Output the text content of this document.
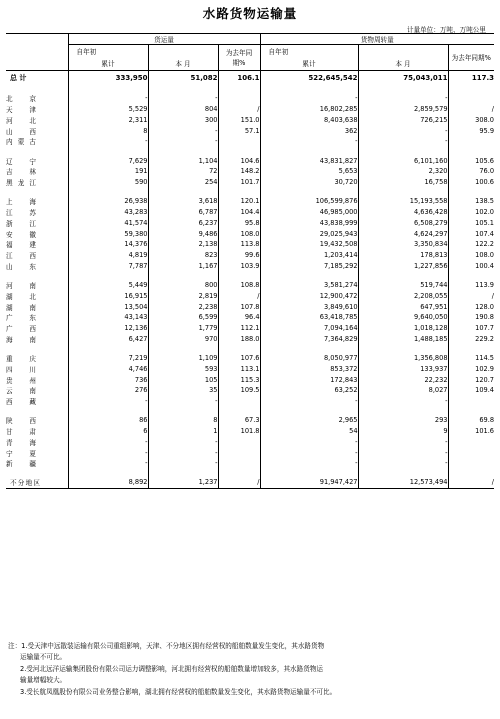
水路货物运输量
计量单位：万吨、万吨公里
	货运量			货物周转量		
	自年初		为去年同期%	自年初		为去年同期%
	累计	本 月		累计	本 月	
总 计	333,950	51,082	106.1	522,645,542	75,043,011	117.3

北京	-	-		-	-	
天津	5,529	804	/	16,802,285	2,859,579	/
河北	2,311	300	151.0	8,403,638	726,215	308.0
山西	8	-	57.1	362	-	95.9
内蒙古	-	-		-	-	

辽宁	7,629	1,104	104.6	43,831,827	6,101,160	105.6
吉林	191	72	148.2	5,653	2,320	76.0
黑龙江	590	254	101.7	30,720	16,758	100.6

上海	26,938	3,618	120.1	106,599,876	15,193,558	138.5
江苏	43,283	6,787	104.4	46,985,000	4,636,428	102.0
浙江	41,574	6,237	95.8	43,838,999	6,508,279	105.1
安徽	59,380	9,486	108.0	29,025,943	4,624,297	107.4
福建	14,376	2,138	113.8	19,432,508	3,350,834	122.2
江西	4,819	823	99.6	1,203,414	178,813	108.0
山东	7,787	1,167	103.9	7,185,292	1,227,856	100.4

河南	5,449	800	108.8	3,581,274	519,744	113.9
湖北	16,915	2,819	/	12,900,472	2,208,055	/
湖南	13,504	2,238	107.8	3,849,610	647,951	128.0
广东	43,143	6,599	96.4	63,418,785	9,640,050	190.8
广西	12,136	1,779	112.1	7,094,164	1,018,128	107.7
海南	6,427	970	188.0	7,364,829	1,488,185	229.2

重庆	7,219	1,109	107.6	8,050,977	1,356,808	114.5
四川	4,746	593	113.1	853,372	133,937	102.9
贵州	736	105	115.3	172,843	22,232	120.7
云南	276	35	109.5	63,252	8,027	109.4
西藏	-	-		-	-	

陕西	86	8	67.3	2,965	293	69.8
甘肃	6	1	101.8	54	9	101.6
青海	-	-		-	-	
宁夏	-	-		-	-	
新疆	-	-		-	-	

不分地区	8,892	1,237	/	91,947,427	12,573,494	/

注：1.受天津中远散装运输有限公司重组影响，天津、不分地区拥有经营权的船舶数量发生变化，其水路货物

运输量不可比。

2.受河北远洋运输集团股份有限公司运力调整影响，河北拥有经营权的船舶数量增加较多，其水路货物运

输量增幅较大。

3.受长航凤凰股份有限公司业务整合影响，湖北拥有经营权的船舶数量发生变化，其水路货物运输量不可比。
